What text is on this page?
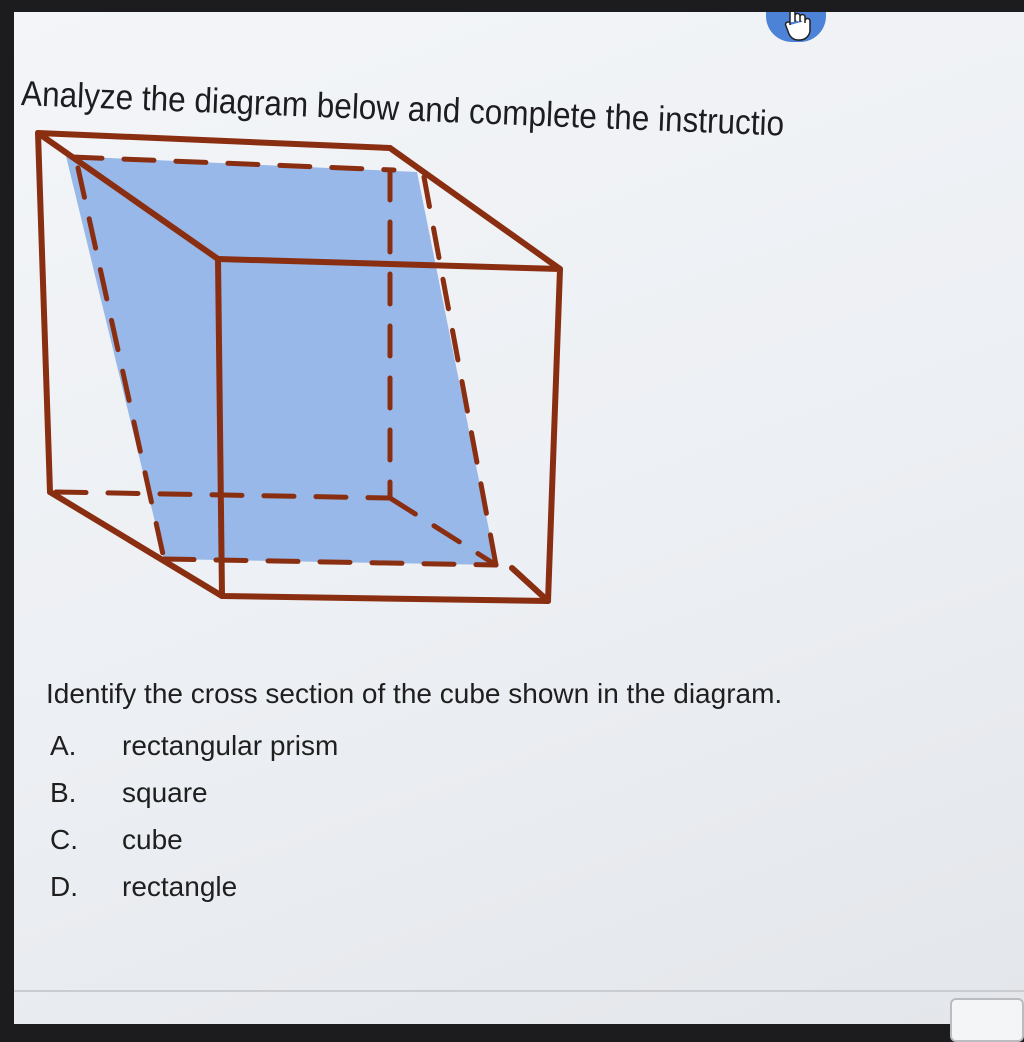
Analyze the diagram below and complete the instructio

Identify the cross section of the cube shown in the diagram.

A.	rectangular prism
B.	square
C.	cube
D.	rectangle
